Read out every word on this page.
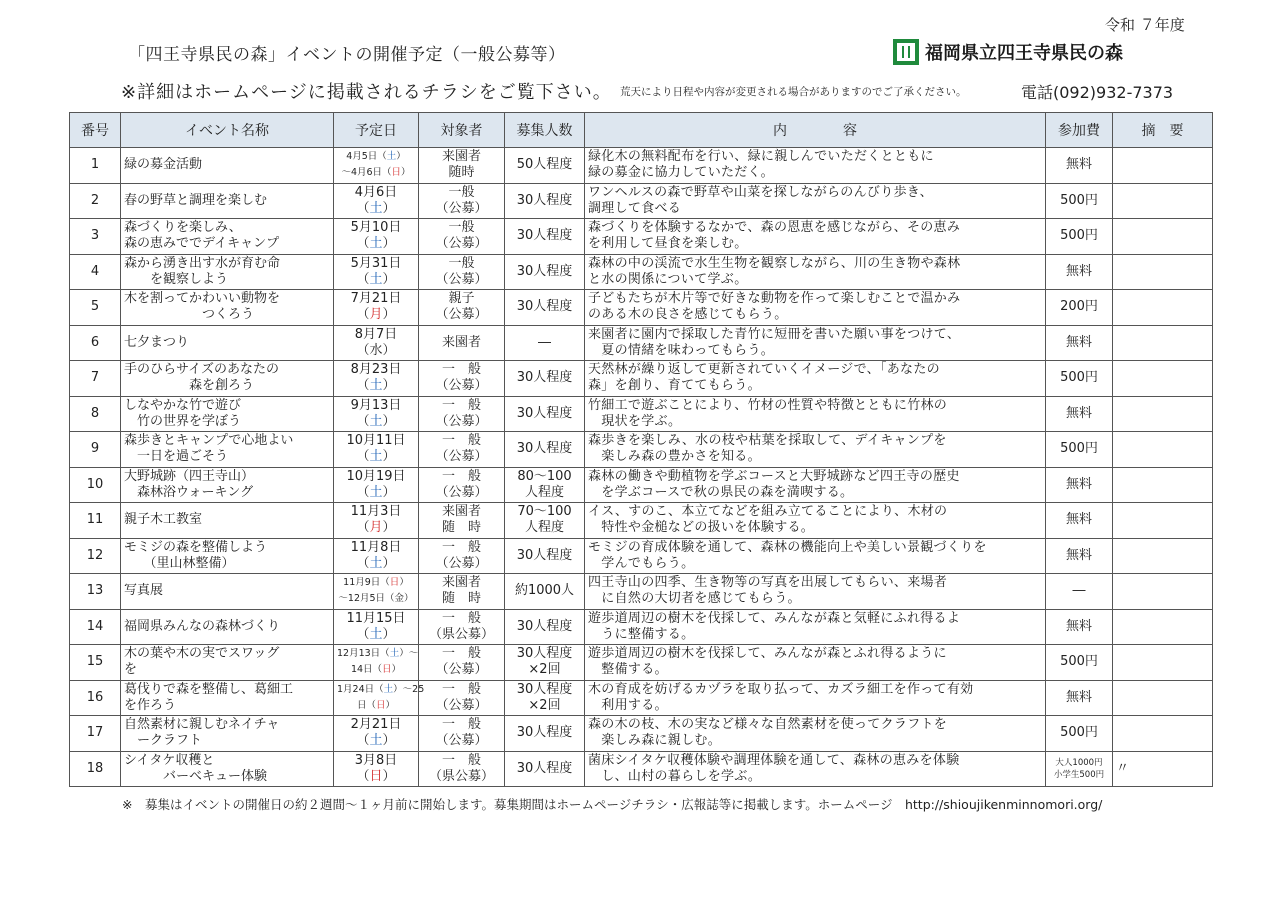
令和 ７年度
「四王寺県民の森」イベントの開催予定（一般公募等）	福岡県立四王寺県民の森
※詳細はホームページに掲載されるチラシをご覧下さい。 荒天により日程や内容が変更される場合がありますのでご了承ください。	電話(092)932-7373
番号	イベント名称	予定日	対象者	募集人数	内　　　　容	参加費	摘　要
1	緑の募金活動	4月5日（土）
～4月6日（日）	来園者
随時	50人程度	緑化木の無料配布を行い、緑に親しんでいただくとともに
緑の募金に協力していただく。	無料	
2	春の野草と調理を楽しむ	4月6日
（土）	一般
（公募）	30人程度	ワンヘルスの森で野草や山菜を探しながらのんびり歩き、
調理して食べる	500円	
3	森づくりを楽しみ、
森の恵みででデイキャンプ	5月10日
（土）	一般
（公募）	30人程度	森づくりを体験するなかで、森の恩恵を感じながら、その恵み
を利用して昼食を楽しむ。	500円	
4	森から湧き出す水が育む命
　　を観察しよう	5月31日
（土）	一般
（公募）	30人程度	森林の中の渓流で水生生物を観察しながら、川の生き物や森林
と水の関係について学ぶ。	無料	
5	木を割ってかわいい動物を
　　　　　　つくろう	7月21日
（月）	親子
（公募）	30人程度	子どもたちが木片等で好きな動物を作って楽しむことで温かみ
のある木の良さを感じてもらう。	200円	
6	七夕まつり	8月7日
（水）	来園者	―	来園者に園内で採取した青竹に短冊を書いた願い事をつけて、
　夏の情緒を味わってもらう。	無料	
7	手のひらサイズのあなたの
　　　　　森を創ろう	8月23日
（土）	一　般
（公募）	30人程度	天然林が繰り返して更新されていくイメージで、「あなたの
森」を創り、育ててもらう。	500円	
8	しなやかな竹で遊び
　竹の世界を学ぼう	9月13日
（土）	一　般
（公募）	30人程度	竹細工で遊ぶことにより、竹材の性質や特徴とともに竹林の
　現状を学ぶ。	無料	
9	森歩きとキャンプで心地よい
　一日を過ごそう	10月11日
（土）	一　般
（公募）	30人程度	森歩きを楽しみ、水の枝や枯葉を採取して、デイキャンプを
　楽しみ森の豊かさを知る。	500円	
10	大野城跡（四王寺山）
　森林浴ウォーキング	10月19日
（土）	一　般
（公募）	80～100
人程度	森林の働きや動植物を学ぶコースと大野城跡など四王寺の歴史
　を学ぶコースで秋の県民の森を満喫する。	無料	
11	親子木工教室	11月3日
（月）	来園者
随　時	70～100
人程度	イス、すのこ、本立てなどを組み立てることにより、木材の
　特性や金槌などの扱いを体験する。	無料	
12	モミジの森を整備しよう
　　（里山林整備）	11月8日
（土）	一　般
（公募）	30人程度	モミジの育成体験を通して、森林の機能向上や美しい景観づくりを
　学んでもらう。	無料	
13	写真展	11月9日（日）
～12月5日（金）	来園者
随　時	約1000人	四王寺山の四季、生き物等の写真を出展してもらい、来場者
　に自然の大切者を感じてもらう。	―	
14	福岡県みんなの森林づくり	11月15日
（土）	一　般
（県公募）	30人程度	遊歩道周辺の樹木を伐採して、みんなが森と気軽にふれ得るよ
　うに整備する。	無料	
15	木の葉や木の実でスワッグ
を	12月13日（土）～
14日（日）	一　般
（公募）	30人程度
×2回	遊歩道周辺の樹木を伐採して、みんなが森とふれ得るように
　整備する。	500円	
16	葛伐りで森を整備し、葛細工
を作ろう	1月24日（土）～25
日（日）	一　般
（公募）	30人程度
×2回	木の育成を妨げるカヅラを取り払って、カズラ細工を作って有効
　利用する。	無料	
17	自然素材に親しむネイチャ
　ークラフト	2月21日
（土）	一　般
（公募）	30人程度	森の木の枝、木の実など様々な自然素材を使ってクラフトを
　楽しみ森に親しむ。	500円	
18	シイタケ収穫と
　　　バーベキュー体験	3月8日
（日）	一　般
（県公募）	30人程度	菌床シイタケ収穫体験や調理体験を通して、森林の恵みを体験
　し、山村の暮らしを学ぶ。	大人1000円
小学生500円	〃
※　募集はイベントの開催日の約２週間～１ヶ月前に開始します。募集期間はホームページチラシ・広報誌等に掲載します。ホームページ　http://shioujikenminnomori.org/
